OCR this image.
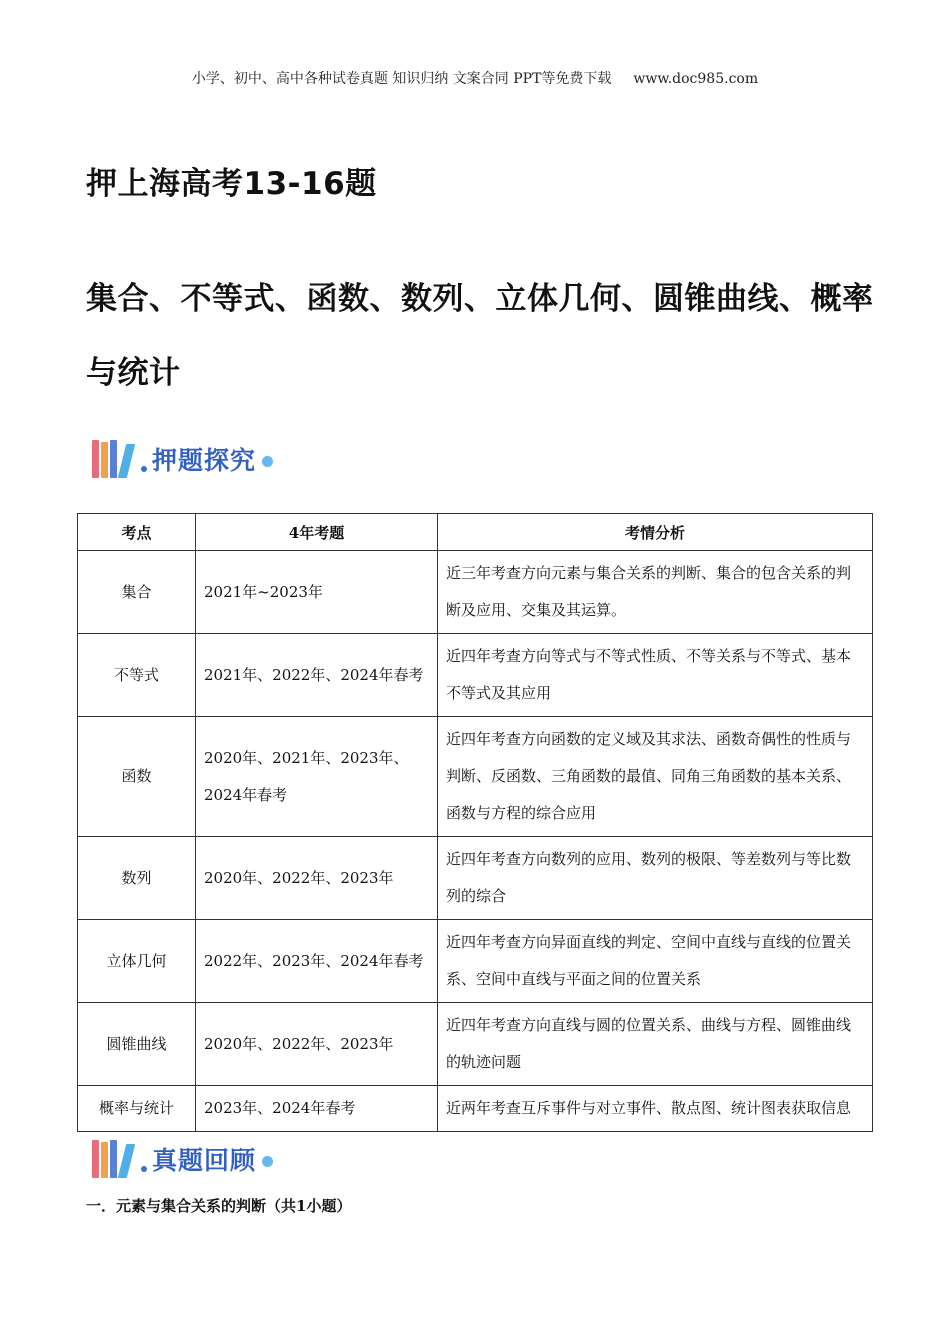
小学、初中、高中各种试卷真题 知识归纳 文案合同 PPT等免费下载 www.doc985.com
押上海高考13-16题
集合、不等式、函数、数列、立体几何、圆锥曲线、概率与统计
押题探究
考点	4年考题	考情分析
集合	2021年~2023年	近三年考查方向元素与集合关系的判断、集合的包含关系的判断及应用、交集及其运算。
不等式	2021年、2022年、2024年春考	近四年考查方向等式与不等式性质、不等关系与不等式、基本不等式及其应用
函数	2020年、2021年、2023年、2024年春考	近四年考查方向函数的定义域及其求法、函数奇偶性的性质与判断、反函数、三角函数的最值、同角三角函数的基本关系、函数与方程的综合应用
数列	2020年、2022年、2023年	近四年考查方向数列的应用、数列的极限、等差数列与等比数列的综合
立体几何	2022年、2023年、2024年春考	近四年考查方向异面直线的判定、空间中直线与直线的位置关系、空间中直线与平面之间的位置关系
圆锥曲线	2020年、2022年、2023年	近四年考查方向直线与圆的位置关系、曲线与方程、圆锥曲线的轨迹问题
概率与统计	2023年、2024年春考	近两年考查互斥事件与对立事件、散点图、统计图表获取信息
真题回顾
一．元素与集合关系的判断（共1小题）
